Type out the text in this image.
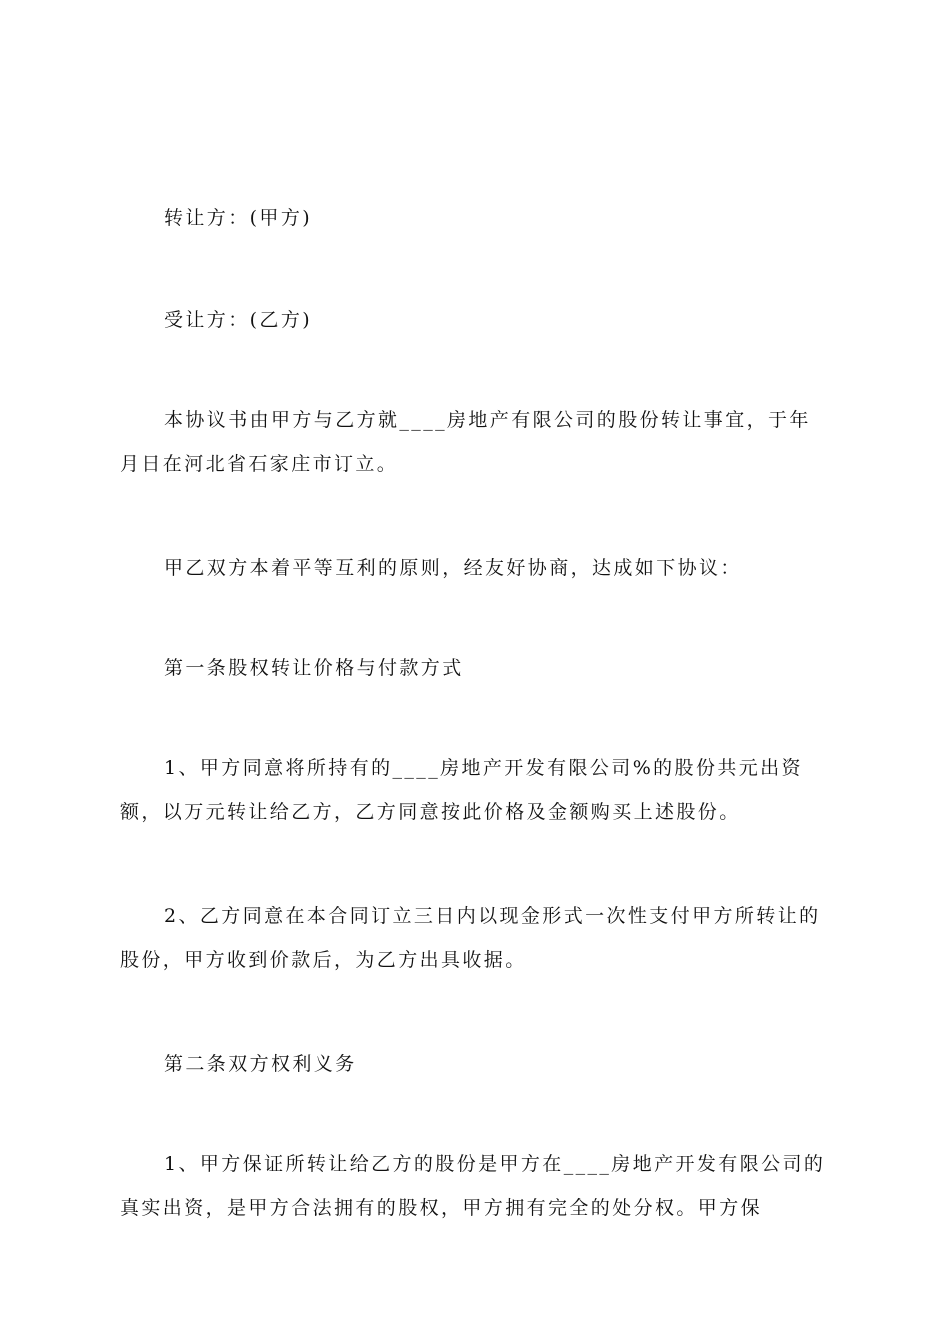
转让方：(甲方)
受让方：(乙方)
本协议书由甲方与乙方就____房地产有限公司的股份转让事宜，于年月日在河北省石家庄市订立。
甲乙双方本着平等互利的原则，经友好协商，达成如下协议：
第一条股权转让价格与付款方式
1、甲方同意将所持有的____房地产开发有限公司%的股份共元出资额，以万元转让给乙方，乙方同意按此价格及金额购买上述股份。
2、乙方同意在本合同订立三日内以现金形式一次性支付甲方所转让的股份，甲方收到价款后，为乙方出具收据。
第二条双方权利义务
1、甲方保证所转让给乙方的股份是甲方在____房地产开发有限公司的真实出资，是甲方合法拥有的股权，甲方拥有完全的处分权。甲方保
